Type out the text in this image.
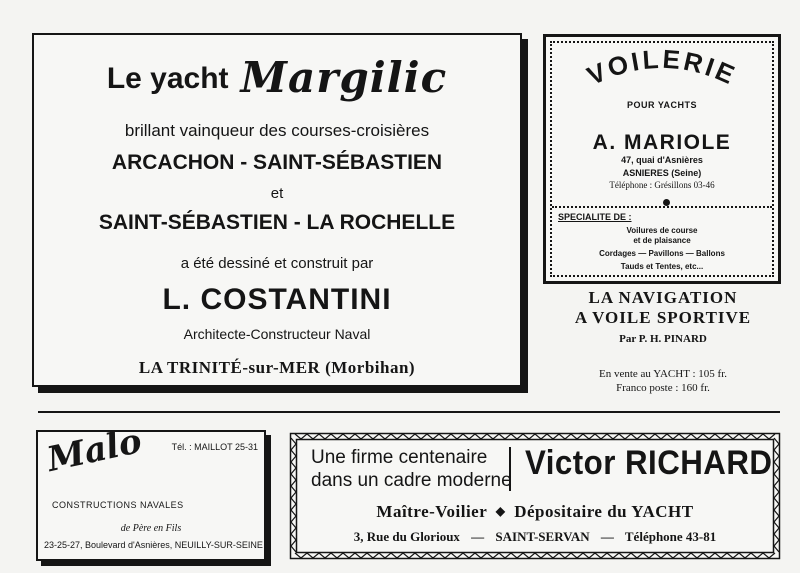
Le yacht Margilic
brillant vainqueur des courses-croisières
ARCACHON - SAINT-SÉBASTIEN
et
SAINT-SÉBASTIEN - LA ROCHELLE
a été dessiné et construit par
L. COSTANTINI
Architecte-Constructeur Naval
LA TRINITÉ-sur-MER (Morbihan)
VOILERIE
POUR YACHTS
A. MARIOLE
47, quai d'Asnières
ASNIERES (Seine)
Téléphone : Grésillons 03-46
SPECIALITE DE :
Voilures de course
et de plaisance
Cordages — Pavillons — Ballons
Tauds et Tentes, etc...
LA NAVIGATION
A VOILE SPORTIVE
Par P. H. PINARD
En vente au YACHT : 105 fr.
Franco poste : 160 fr.
Malo	Tél. : MAILLOT 25-31
CONSTRUCTIONS NAVALES
de Père en Fils
23-25-27, Boulevard d'Asnières, NEUILLY-SUR-SEINE
Une firme centenaire
dans un cadre moderne Victor RICHARD
Maître-Voilier ◆ Dépositaire du YACHT
3, Rue du Glorioux — SAINT-SERVAN — Téléphone 43-81
